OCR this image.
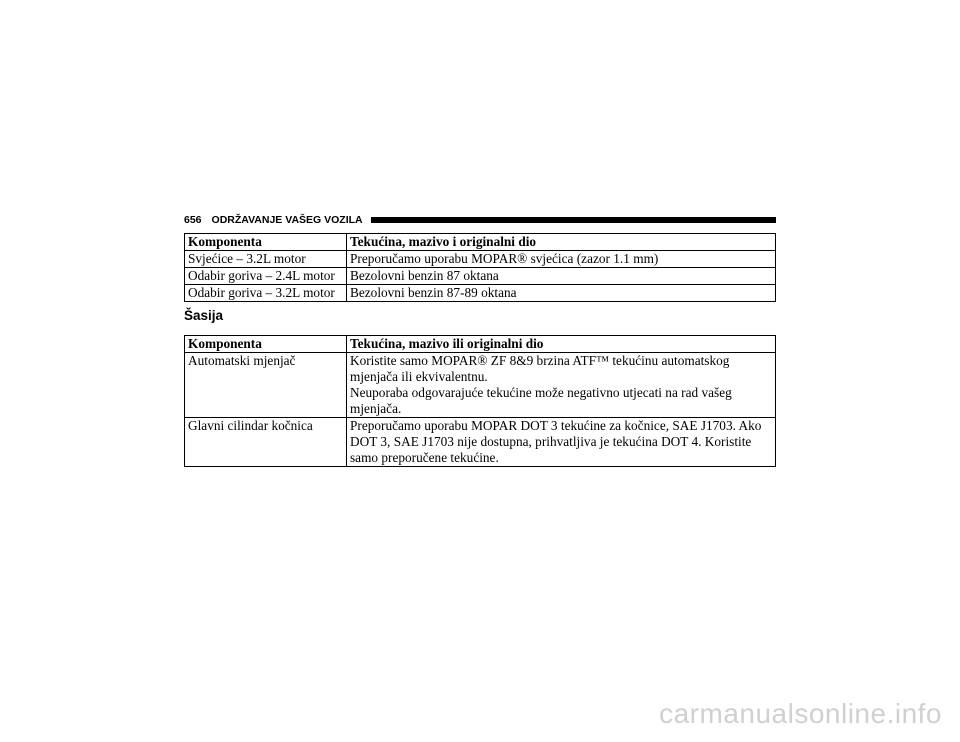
656 ODRŽAVANJE VAŠEG VOZILA
Komponenta	Tekućina, mazivo i originalni dio
Svjećice – 3.2L motor	Preporučamo uporabu MOPAR® svjećica (zazor 1.1 mm)
Odabir goriva – 2.4L motor	Bezolovni benzin 87 oktana
Odabir goriva – 3.2L motor	Bezolovni benzin 87-89 oktana
Šasija
Komponenta	Tekućina, mazivo ili originalni dio
Automatski mjenjač	Koristite samo MOPAR® ZF 8&9 brzina ATF™ tekućinu automatskog
mjenjača ili ekvivalentnu.
Neuporaba odgovarajuće tekućine može negativno utjecati na rad vašeg
mjenjača.

Glavni cilindar kočnica	Preporučamo uporabu MOPAR DOT 3 tekućine za kočnice, SAE J1703. Ako
DOT 3, SAE J1703 nije dostupna, prihvatljiva je tekućina DOT 4. Koristite
samo preporučene tekućine.
carmanualsonline.info
